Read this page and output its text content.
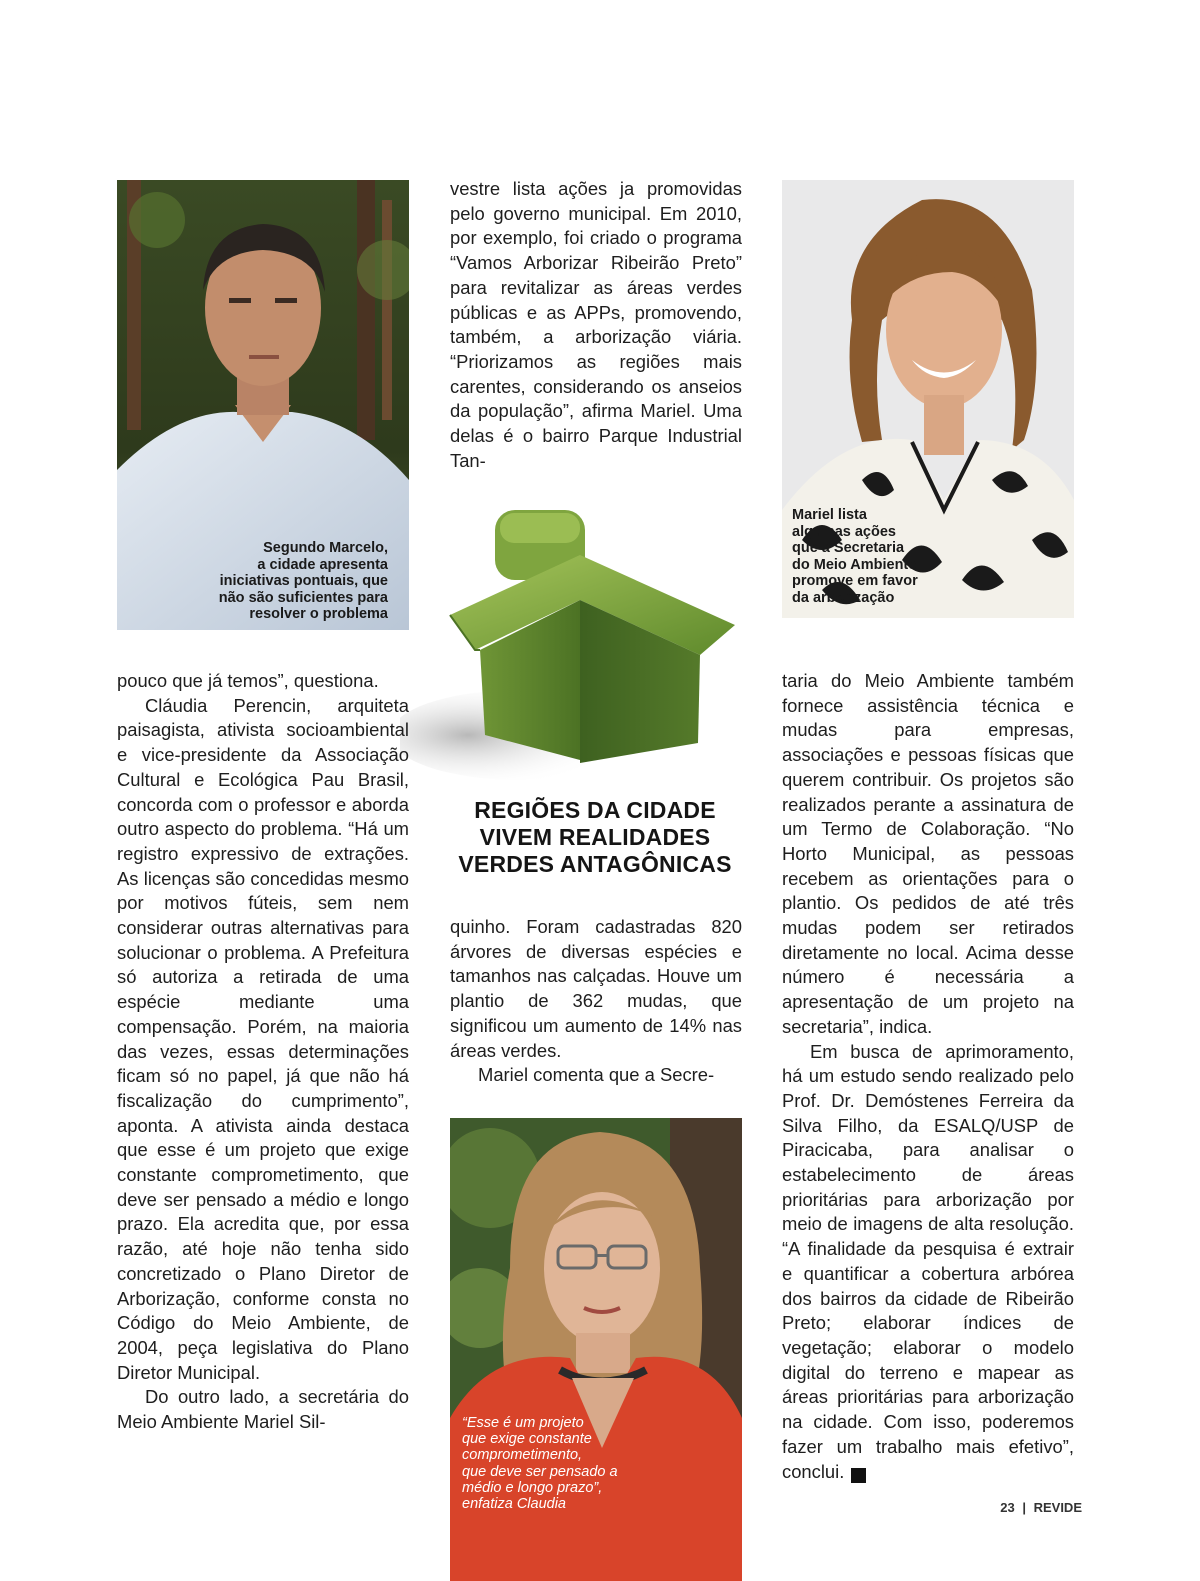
Segundo Marcelo,
a cidade apresenta
iniciativas pontuais, que
não são suficientes para
resolver o problema
Mariel lista
algumas ações
que a Secretaria
do Meio Ambiente
promove em favor
da arborização

vestre lista ações ja promovidas pelo governo municipal. Em 2010, por exemplo, foi criado o programa “Vamos Arborizar Ribeirão Preto” para revitalizar as áreas verdes públicas e as APPs, promovendo, também, a arborização viária. “Priorizamos as regiões mais carentes, considerando os anseios da população”, afirma Mariel. Uma delas é o bairro Parque Industrial Tan-

REGIÕES DA CIDADE
VIVEM REALIDADES
VERDES ANTAGÔNICAS

pouco que já temos”, questiona.

Cláudia Perencin, arquiteta paisagista, ativista socioambiental e vice-presidente da Associação Cultural e Ecológica Pau Brasil, concorda com o professor e aborda outro aspecto do problema. “Há um registro expressivo de extrações. As licenças são concedidas mesmo por motivos fúteis, sem nem considerar outras alternativas para solucionar o problema. A Prefeitura só autoriza a retirada de uma espécie mediante uma compensação. Porém, na maioria das vezes, essas determinações ficam só no papel, já que não há fiscalização do cumprimento”, aponta. A ativista ainda destaca que esse é um projeto que exige constante comprometimento, que deve ser pensado a médio e longo prazo. Ela acredita que, por essa razão, até hoje não tenha sido concretizado o Plano Diretor de Arborização, conforme consta no Código do Meio Ambiente, de 2004, peça legislativa do Plano Diretor Municipal.

Do outro lado, a secretária do Meio Ambiente Mariel Sil-

quinho. Foram cadastradas 820 árvores de diversas espécies e tamanhos nas calçadas. Houve um plantio de 362 mudas, que significou um aumento de 14% nas áreas verdes.

Mariel comenta que a Secre-

“Esse é um projeto
que exige constante
comprometimento,
que deve ser pensado a
médio e longo prazo”,
enfatiza Claudia

taria do Meio Ambiente também fornece assistência técnica e mudas para empresas, associações e pessoas físicas que querem contribuir. Os projetos são realizados perante a assinatura de um Termo de Colaboração. “No Horto Municipal, as pessoas recebem as orientações para o plantio. Os pedidos de até três mudas podem ser retirados diretamente no local. Acima desse número é necessária a apresentação de um projeto na secretaria”, indica.

Em busca de aprimoramento, há um estudo sendo realizado pelo Prof. Dr. Demóstenes Ferreira da Silva Filho, da ESALQ/USP de Piracicaba, para analisar o estabelecimento de áreas prioritárias para arborização por meio de imagens de alta resolução. “A finalidade da pesquisa é extrair e quantificar a cobertura arbórea dos bairros da cidade de Ribeirão Preto; elaborar índices de vegetação; elaborar o modelo digital do terreno e mapear as áreas prioritárias para arborização na cidade. Com isso, poderemos fazer um trabalho mais efetivo”, conclui.	r

23 | REVIDE
